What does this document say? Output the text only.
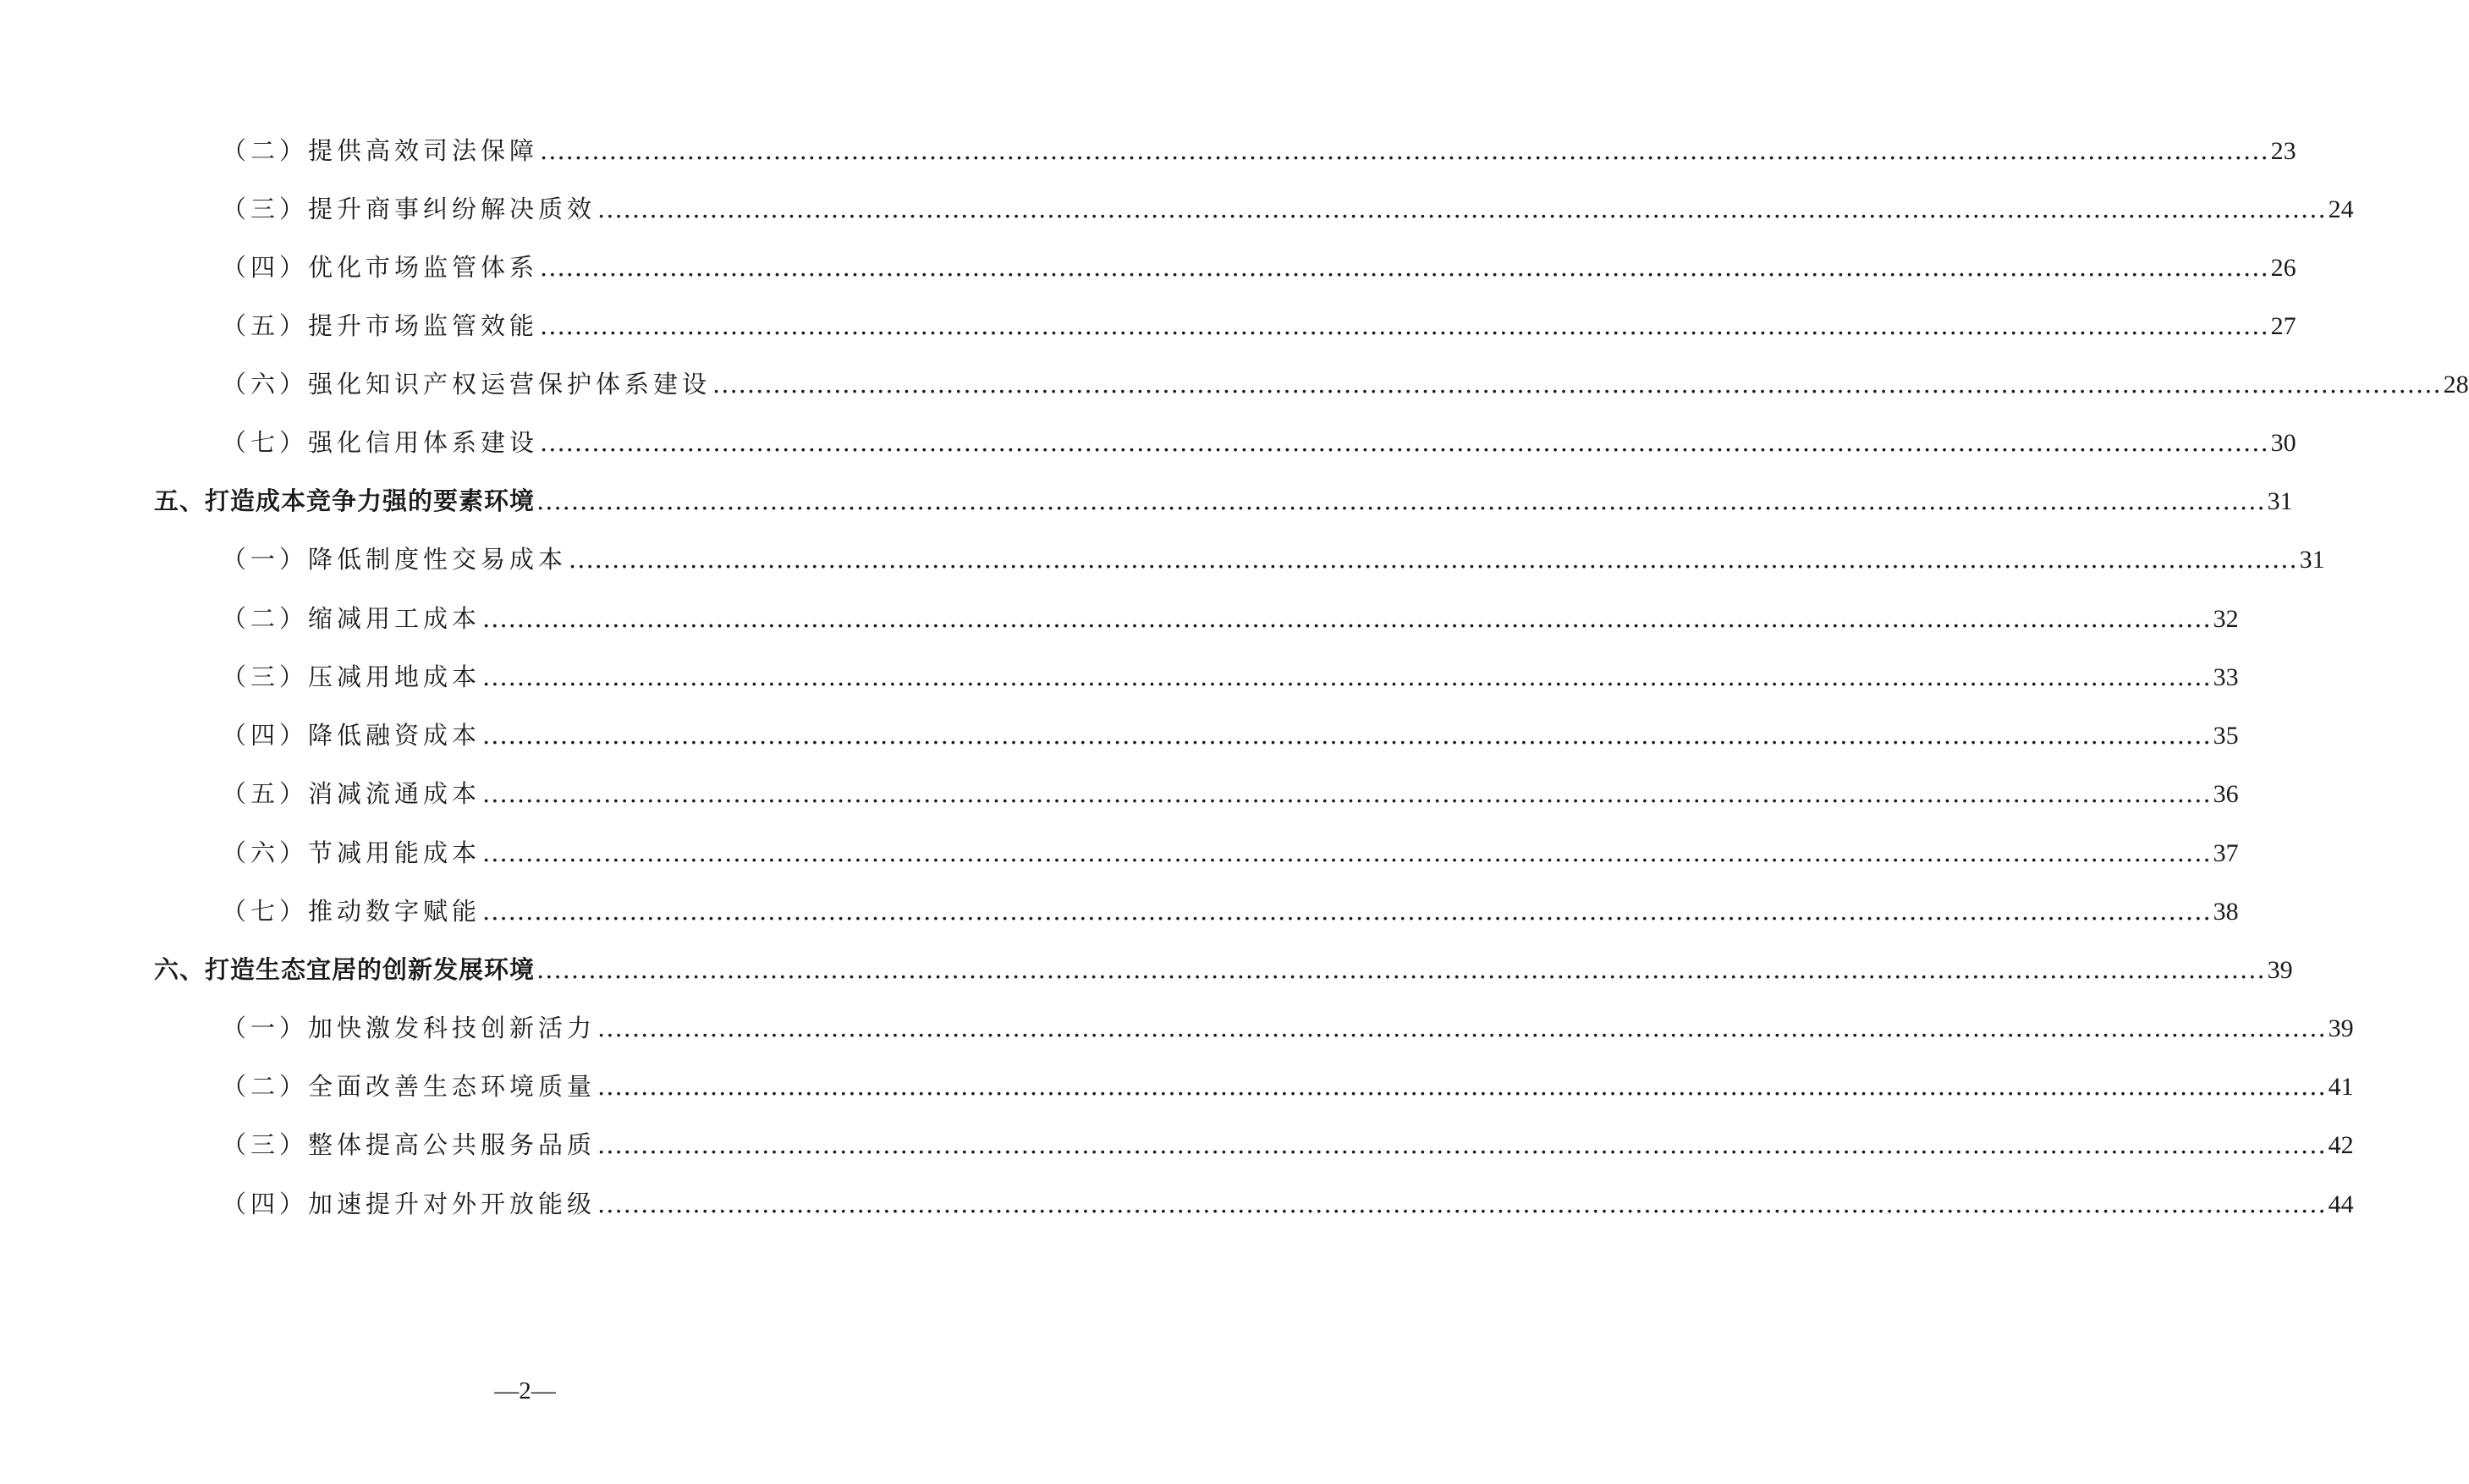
（二）提供高效司法保障 ........................................................................................................................................................................................................ 23
（三）提升商事纠纷解决质效 ........................................................................................................................................................................................................ 24
（四）优化市场监管体系 ........................................................................................................................................................................................................ 26
（五）提升市场监管效能 ........................................................................................................................................................................................................ 27
（六）强化知识产权运营保护体系建设 ........................................................................................................................................................................................................ 28
（七）强化信用体系建设 ........................................................................................................................................................................................................ 30
五、打造成本竞争力强的要素环境 ........................................................................................................................................................................................................ 31
（一）降低制度性交易成本 ........................................................................................................................................................................................................ 31
（二）缩减用工成本 ........................................................................................................................................................................................................ 32
（三）压减用地成本 ........................................................................................................................................................................................................ 33
（四）降低融资成本 ........................................................................................................................................................................................................ 35
（五）消减流通成本 ........................................................................................................................................................................................................ 36
（六）节减用能成本 ........................................................................................................................................................................................................ 37
（七）推动数字赋能 ........................................................................................................................................................................................................ 38
六、打造生态宜居的创新发展环境 ........................................................................................................................................................................................................ 39
（一）加快激发科技创新活力 ........................................................................................................................................................................................................ 39
（二）全面改善生态环境质量 ........................................................................................................................................................................................................ 41
（三）整体提高公共服务品质 ........................................................................................................................................................................................................ 42
（四）加速提升对外开放能级 ........................................................................................................................................................................................................ 44
—2—
